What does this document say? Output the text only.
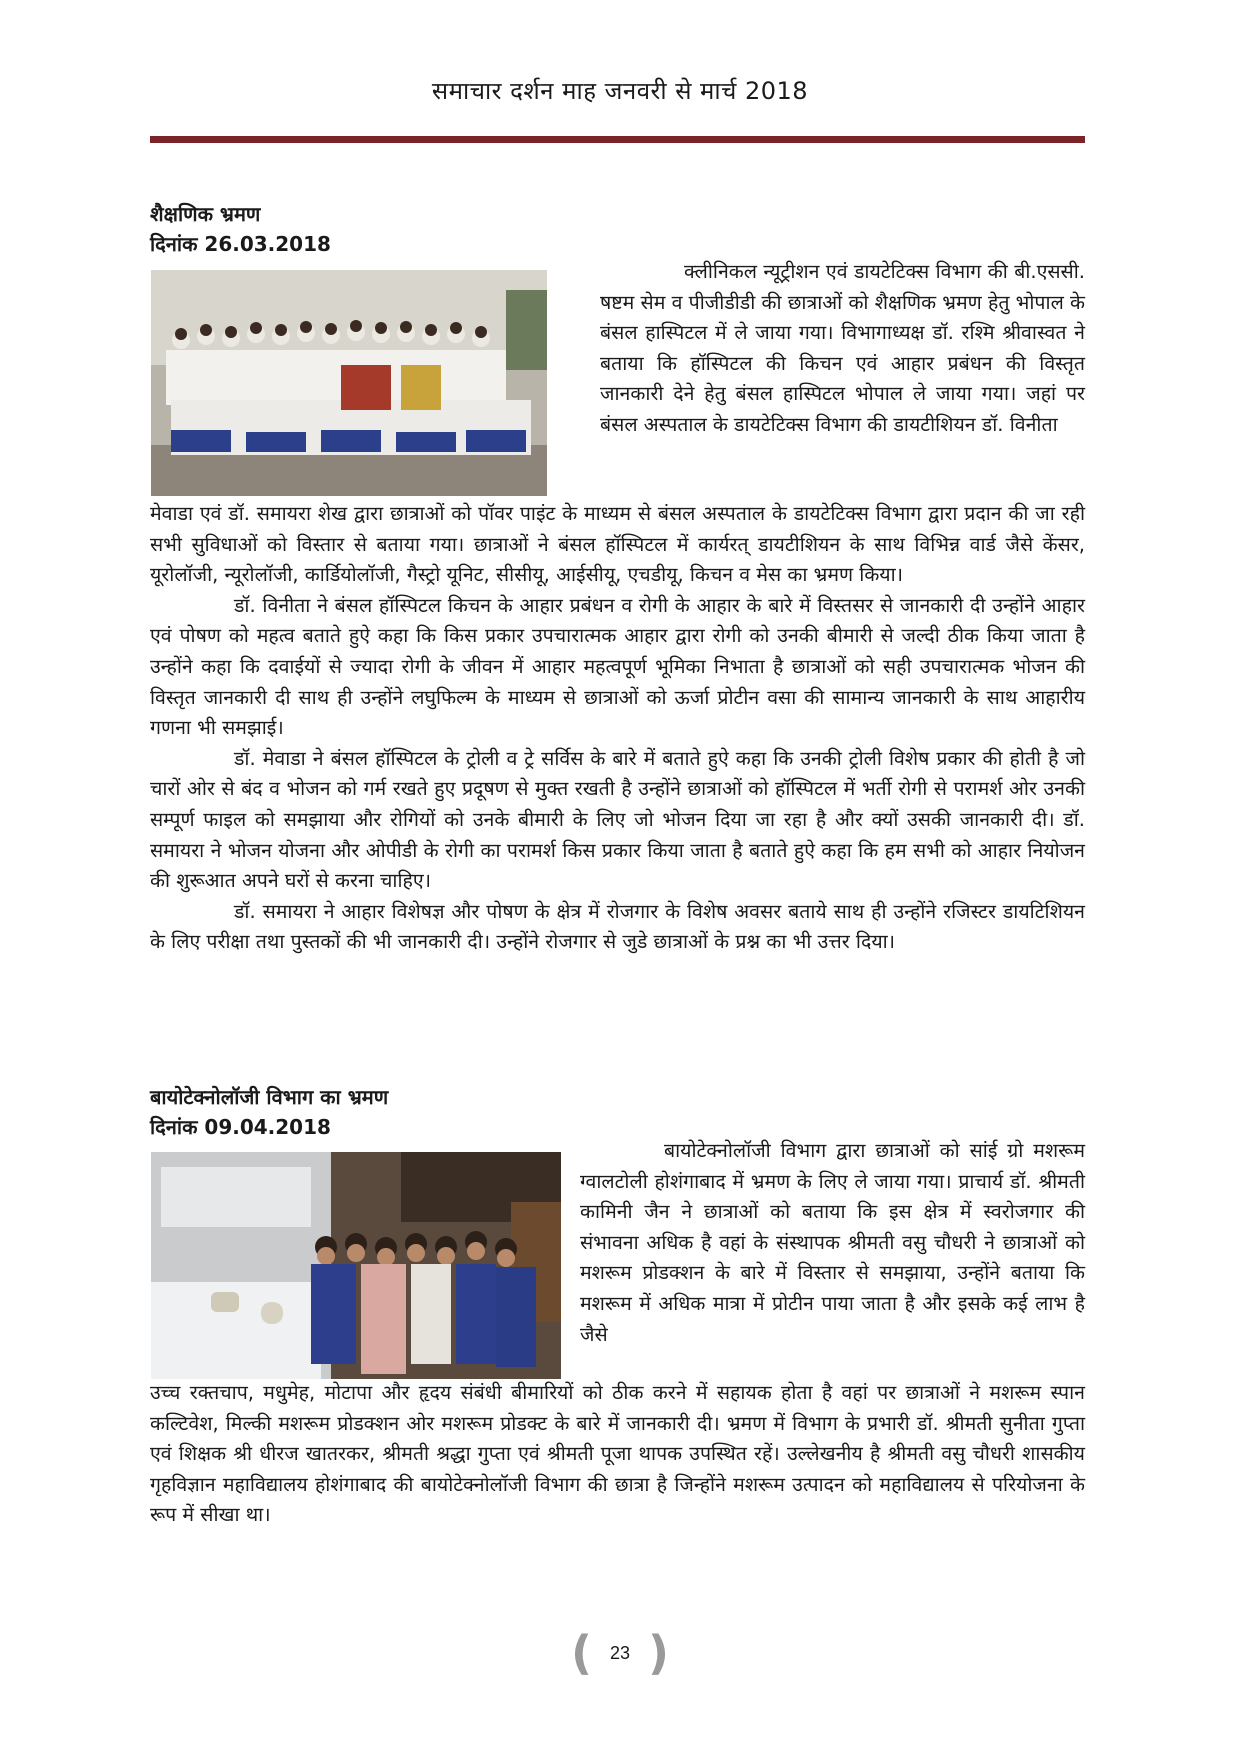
समाचार दर्शन माह जनवरी से मार्च 2018
शैक्षणिक भ्रमण
दिनांक 26.03.2018

क्लीनिकल न्यूट्रीशन एवं डायटेटिक्स विभाग की बी.एससी. षष्टम सेम व पीजीडीडी की छात्राओं को शैक्षणिक भ्रमण हेतु भोपाल के बंसल हास्पिटल में ले जाया गया। विभागाध्यक्ष डॉ. रश्मि श्रीवास्वत ने बताया कि हॉस्पिटल की किचन एवं आहार प्रबंधन की विस्तृत जानकारी देने हेतु बंसल हास्पिटल भोपाल ले जाया गया। जहां पर बंसल अस्पताल के डायटेटिक्स विभाग की डायटीशियन डॉ. विनीता

मेवाडा एवं डॉ. समायरा शेख द्वारा छात्राओं को पॉवर पाइंट के माध्यम से बंसल अस्पताल के डायटेटिक्स विभाग द्वारा प्रदान की जा रही सभी सुविधाओं को विस्तार से बताया गया। छात्राओं ने बंसल हॉस्पिटल में कार्यरत् डायटीशियन के साथ विभिन्न वार्ड जैसे केंसर, यूरोलॉजी, न्यूरोलॉजी, कार्डियोलॉजी, गैस्ट्रो यूनिट, सीसीयू, आईसीयू, एचडीयू, किचन व मेस का भ्रमण किया।

डॉ. विनीता ने बंसल हॉस्पिटल किचन के आहार प्रबंधन व रोगी के आहार के बारे में विस्तसर से जानकारी दी उन्होंने आहार एवं पोषण को महत्व बताते हुऐ कहा कि किस प्रकार उपचारात्मक आहार द्वारा रोगी को उनकी बीमारी से जल्दी ठीक किया जाता है उन्होंने कहा कि दवाईयों से ज्यादा रोगी के जीवन में आहार महत्वपूर्ण भूमिका निभाता है छात्राओं को सही उपचारात्मक भोजन की विस्तृत जानकारी दी साथ ही उन्होंने लघुफिल्म के माध्यम से छात्राओं को ऊर्जा प्रोटीन वसा की सामान्य जानकारी के साथ आहारीय गणना भी समझाई।

डॉ. मेवाडा ने बंसल हॉस्पिटल के ट्रोली व ट्रे सर्विस के बारे में बताते हुऐ कहा कि उनकी ट्रोली विशेष प्रकार की होती है जो चारों ओर से बंद व भोजन को गर्म रखते हुए प्रदूषण से मुक्त रखती है उन्होंने छात्राओं को हॉस्पिटल में भर्ती रोगी से परामर्श ओर उनकी सम्पूर्ण फाइल को समझाया और रोगियों को उनके बीमारी के लिए जो भोजन दिया जा रहा है और क्यों उसकी जानकारी दी। डॉ. समायरा ने भोजन योजना और ओपीडी के रोगी का परामर्श किस प्रकार किया जाता है बताते हुऐ कहा कि हम सभी को आहार नियोजन की शुरूआत अपने घरों से करना चाहिए।

डॉ. समायरा ने आहार विशेषज्ञ और पोषण के क्षेत्र में रोजगार के विशेष अवसर बताये साथ ही उन्होंने रजिस्टर डायटिशियन के लिए परीक्षा तथा पुस्तकों की भी जानकारी दी। उन्होंने रोजगार से जुडे छात्राओं के प्रश्न का भी उत्तर दिया।

बायोटेक्नोलॉजी विभाग का भ्रमण
दिनांक 09.04.2018

बायोटेक्नोलॉजी विभाग द्वारा छात्राओं को सांई ग्रो मशरूम ग्वालटोली होशंगाबाद में भ्रमण के लिए ले जाया गया। प्राचार्य डॉ. श्रीमती कामिनी जैन ने छात्राओं को बताया कि इस क्षेत्र में स्वरोजगार की संभावना अधिक है वहां के संस्थापक श्रीमती वसु चौधरी ने छात्राओं को मशरूम प्रोडक्शन के बारे में विस्तार से समझाया, उन्होंने बताया कि मशरूम में अधिक मात्रा में प्रोटीन पाया जाता है और इसके कई लाभ है जैसे

उच्च रक्तचाप, मधुमेह, मोटापा और हृदय संबंधी बीमारियों को ठीक करने में सहायक होता है वहां पर छात्राओं ने मशरूम स्पान कल्टिवेश, मिल्की मशरूम प्रोडक्शन ओर मशरूम प्रोडक्ट के बारे में जानकारी दी। भ्रमण में विभाग के प्रभारी डॉ. श्रीमती सुनीता गुप्ता एवं शिक्षक श्री धीरज खातरकर, श्रीमती श्रद्धा गुप्ता एवं श्रीमती पूजा थापक उपस्थित रहें। उल्लेखनीय है श्रीमती वसु चौधरी शासकीय गृहविज्ञान महाविद्यालय होशंगाबाद की बायोटेक्नोलॉजी विभाग की छात्रा है जिन्होंने मशरूम उत्पादन को महाविद्यालय से परियोजना के रूप में सीखा था।

( 23 )
